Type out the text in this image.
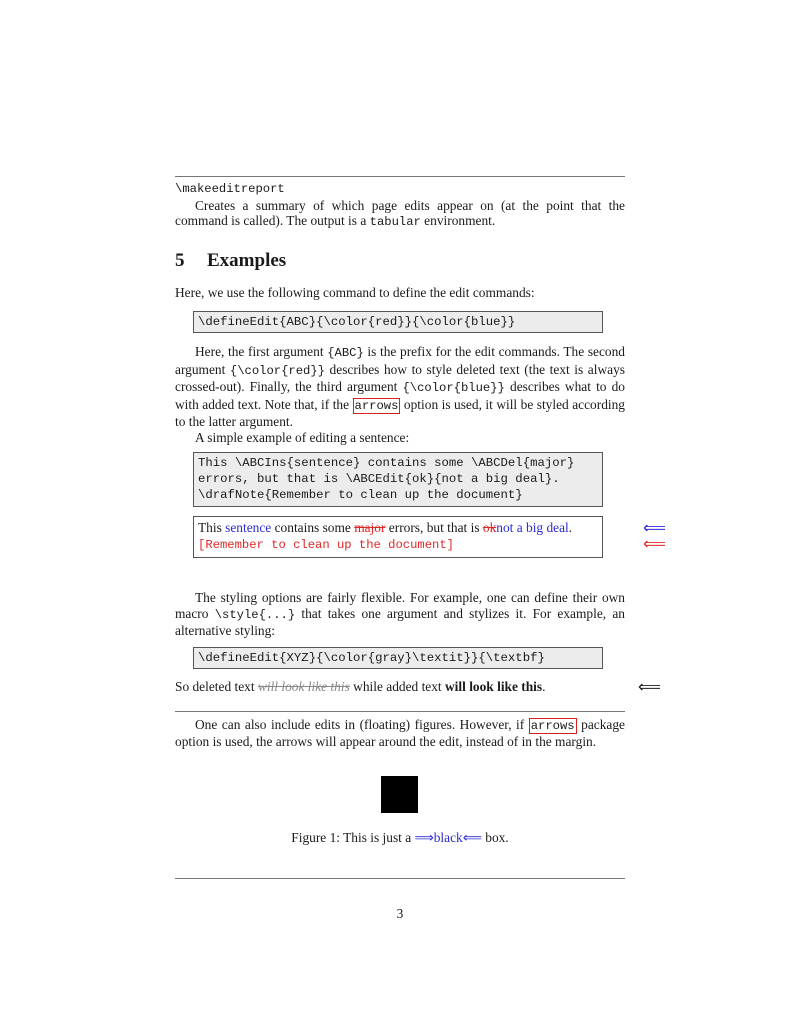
\makeeditreport
Creates a summary of which page edits appear on (at the point that the command is called). The output is a tabular environment.
5 Examples
Here, we use the following command to define the edit commands:
\defineEdit{ABC}{\color{red}}{\color{blue}}
Here, the first argument {ABC} is the prefix for the edit commands. The second argument {\color{red}} describes how to style deleted text (the text is always crossed-out). Finally, the third argument {\color{blue}} describes what to do with added text. Note that, if the arrows option is used, it will be styled according to the latter argument.
A simple example of editing a sentence:
This \ABCIns{sentence} contains some \ABCDel{major}
errors, but that is \ABCEdit{ok}{not a big deal}.
\drafNote{Remember to clean up the document}
This sentence contains some major errors, but that is oknot a big deal.	⟸
[Remember to clean up the document]	⟸
The styling options are fairly flexible. For example, one can define their own macro \style{...} that takes one argument and stylizes it. For example, an alternative styling:
\defineEdit{XYZ}{\color{gray}\textit}}{\textbf}
So deleted text will look like this while added text will look like this.	⟸
One can also include edits in (floating) figures. However, if arrows package option is used, the arrows will appear around the edit, instead of in the margin.
Figure 1: This is just a ⟹black⟸ box.
3
